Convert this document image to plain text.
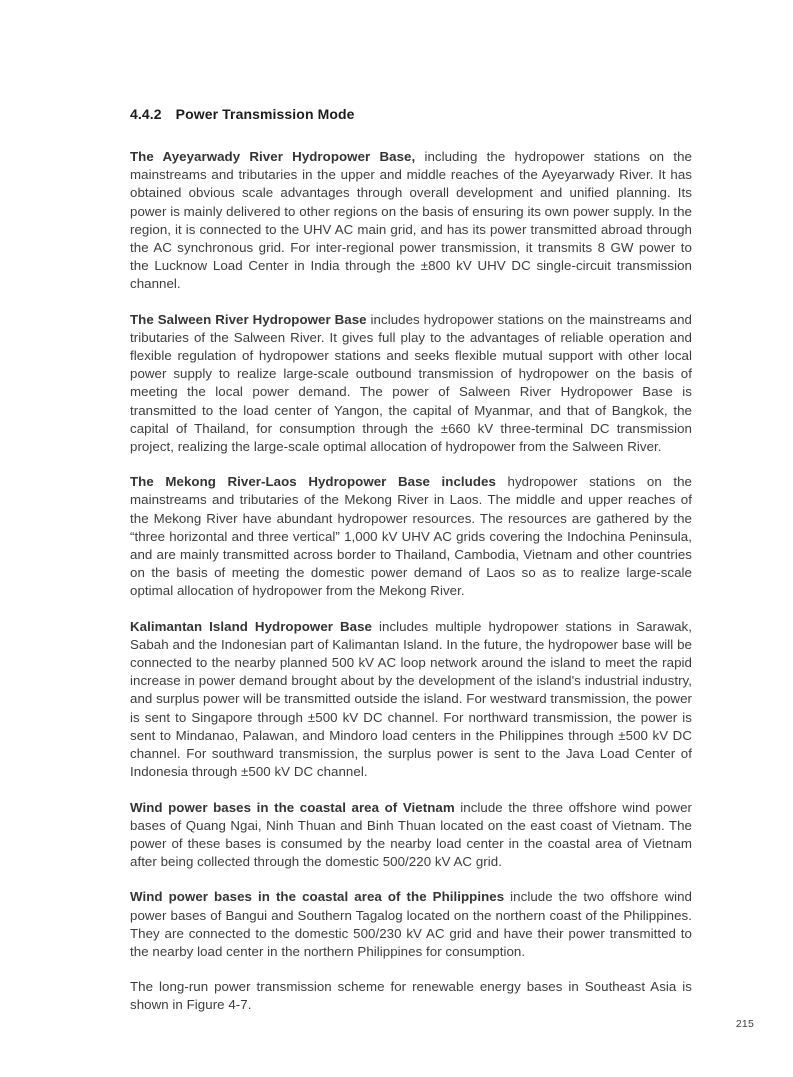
4.4.2 Power Transmission Mode

The Ayeyarwady River Hydropower Base, including the hydropower stations on the mainstreams and tributaries in the upper and middle reaches of the Ayeyarwady River. It has obtained obvious scale advantages through overall development and unified planning. Its power is mainly delivered to other regions on the basis of ensuring its own power supply. In the region, it is connected to the UHV AC main grid, and has its power transmitted abroad through the AC synchronous grid. For inter-regional power transmission, it transmits 8 GW power to the Lucknow Load Center in India through the ±800 kV UHV DC single-circuit transmission channel.

The Salween River Hydropower Base includes hydropower stations on the mainstreams and tributaries of the Salween River. It gives full play to the advantages of reliable operation and flexible regulation of hydropower stations and seeks flexible mutual support with other local power supply to realize large-scale outbound transmission of hydropower on the basis of meeting the local power demand. The power of Salween River Hydropower Base is transmitted to the load center of Yangon, the capital of Myanmar, and that of Bangkok, the capital of Thailand, for consumption through the ±660 kV three-terminal DC transmission project, realizing the large-scale optimal allocation of hydropower from the Salween River.

The Mekong River-Laos Hydropower Base includes hydropower stations on the mainstreams and tributaries of the Mekong River in Laos. The middle and upper reaches of the Mekong River have abundant hydropower resources. The resources are gathered by the “three horizontal and three vertical” 1,000 kV UHV AC grids covering the Indochina Peninsula, and are mainly transmitted across border to Thailand, Cambodia, Vietnam and other countries on the basis of meeting the domestic power demand of Laos so as to realize large-scale optimal allocation of hydropower from the Mekong River.

Kalimantan Island Hydropower Base includes multiple hydropower stations in Sarawak, Sabah and the Indonesian part of Kalimantan Island. In the future, the hydropower base will be connected to the nearby planned 500 kV AC loop network around the island to meet the rapid increase in power demand brought about by the development of the island's industrial industry, and surplus power will be transmitted outside the island. For westward transmission, the power is sent to Singapore through ±500 kV DC channel. For northward transmission, the power is sent to Mindanao, Palawan, and Mindoro load centers in the Philippines through ±500 kV DC channel. For southward transmission, the surplus power is sent to the Java Load Center of Indonesia through ±500 kV DC channel.

Wind power bases in the coastal area of Vietnam include the three offshore wind power bases of Quang Ngai, Ninh Thuan and Binh Thuan located on the east coast of Vietnam. The power of these bases is consumed by the nearby load center in the coastal area of Vietnam after being collected through the domestic 500/220 kV AC grid.

Wind power bases in the coastal area of the Philippines include the two offshore wind power bases of Bangui and Southern Tagalog located on the northern coast of the Philippines. They are connected to the domestic 500/230 kV AC grid and have their power transmitted to the nearby load center in the northern Philippines for consumption.

The long-run power transmission scheme for renewable energy bases in Southeast Asia is shown in Figure 4-7.

215
